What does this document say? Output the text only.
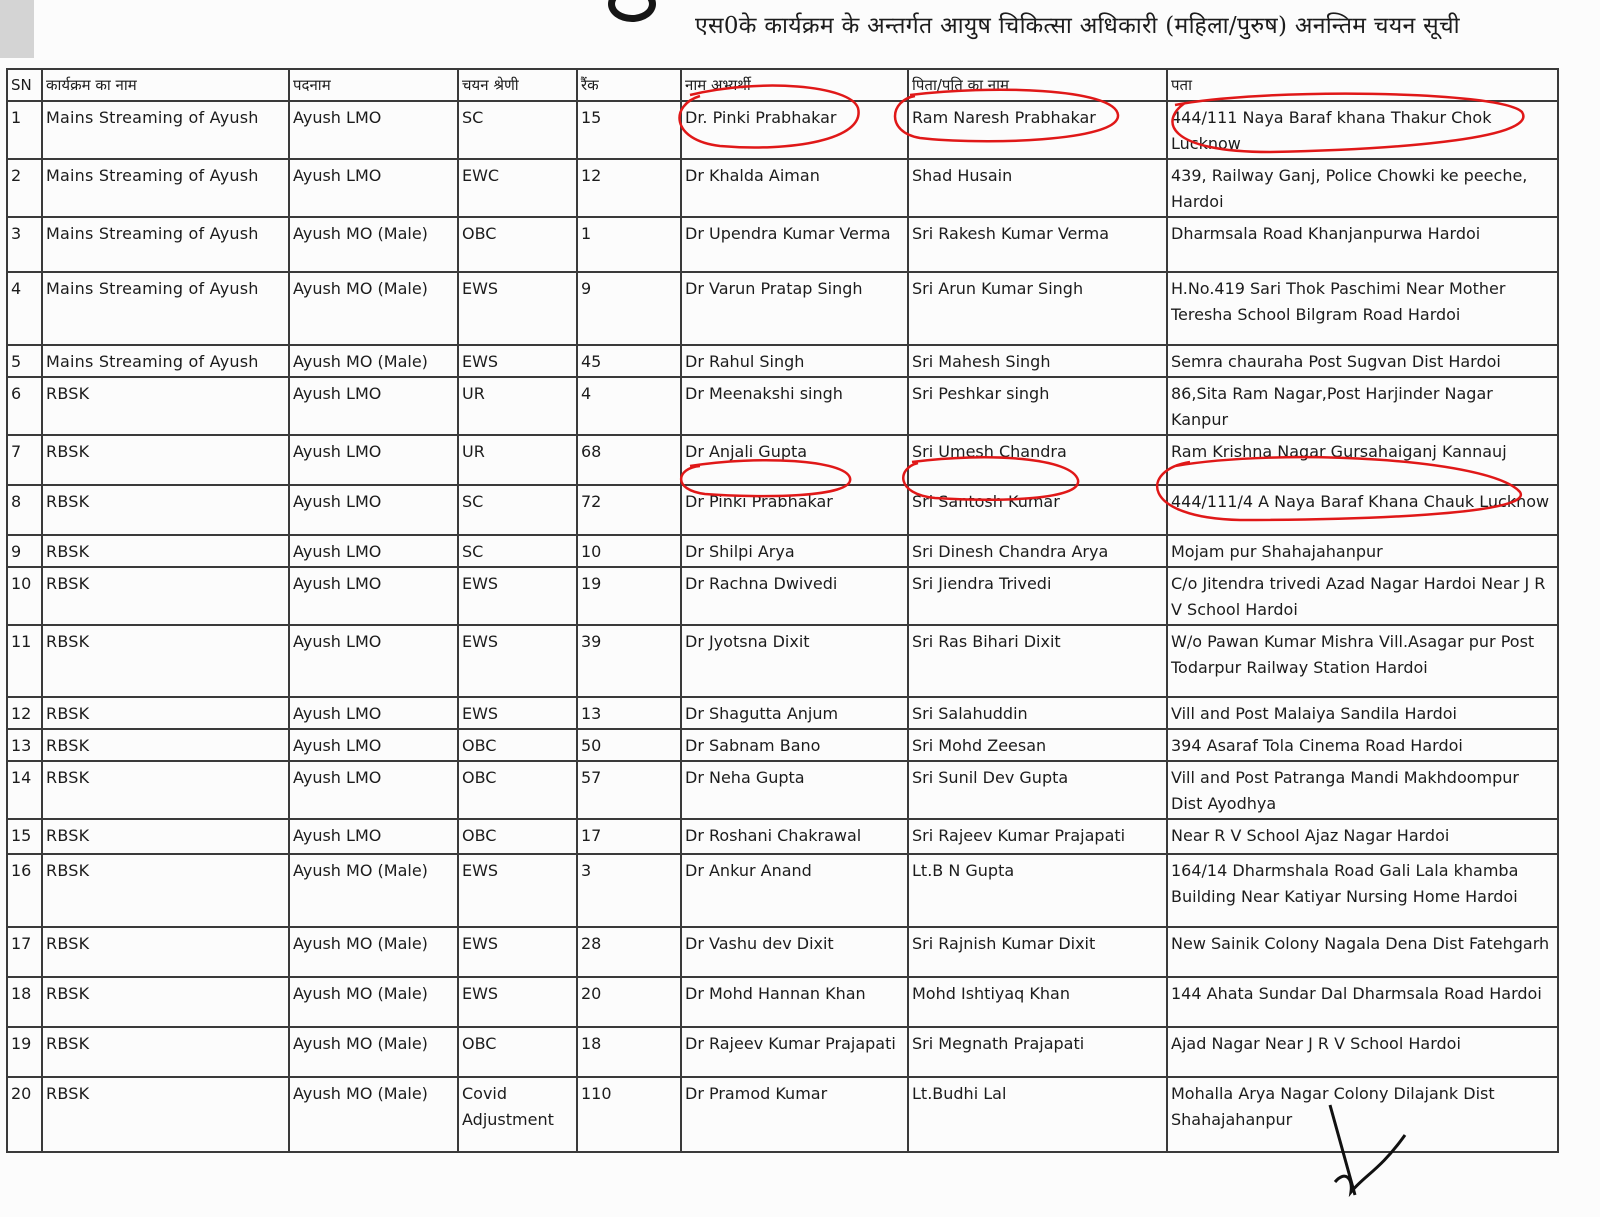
एस0के कार्यक्रम के अन्तर्गत आयुष चिकित्सा अधिकारी (महिला/पुरुष) अनन्तिम चयन सूची
SN	कार्यक्रम का नाम	पदनाम	चयन श्रेणी	रैंक	नाम अभ्यर्थी	पिता/पति का नाम	पता
1	Mains Streaming of Ayush	Ayush LMO	SC	15	Dr. Pinki Prabhakar	Ram Naresh Prabhakar	444/111 Naya Baraf khana Thakur Chok Lucknow
2	Mains Streaming of Ayush	Ayush LMO	EWC	12	Dr Khalda Aiman	Shad Husain	439, Railway Ganj, Police Chowki ke peeche, Hardoi
3	Mains Streaming of Ayush	Ayush MO (Male)	OBC	1	Dr Upendra Kumar Verma	Sri Rakesh Kumar Verma	Dharmsala Road Khanjanpurwa Hardoi
4	Mains Streaming of Ayush	Ayush MO (Male)	EWS	9	Dr Varun Pratap Singh	Sri Arun Kumar Singh	H.No.419 Sari Thok Paschimi Near Mother Teresha School Bilgram Road Hardoi
5	Mains Streaming of Ayush	Ayush MO (Male)	EWS	45	Dr Rahul Singh	Sri Mahesh Singh	Semra chauraha Post Sugvan Dist Hardoi
6	RBSK	Ayush LMO	UR	4	Dr Meenakshi singh	Sri Peshkar singh	86,Sita Ram Nagar,Post Harjinder Nagar Kanpur
7	RBSK	Ayush LMO	UR	68	Dr Anjali Gupta	Sri Umesh Chandra	Ram Krishna Nagar Gursahaiganj Kannauj
8	RBSK	Ayush LMO	SC	72	Dr Pinki Prabhakar	Sri Santosh Kumar	444/111/4 A Naya Baraf Khana Chauk Lucknow
9	RBSK	Ayush LMO	SC	10	Dr Shilpi Arya	Sri Dinesh Chandra Arya	Mojam pur Shahajahanpur
10	RBSK	Ayush LMO	EWS	19	Dr Rachna Dwivedi	Sri Jiendra Trivedi	C/o Jitendra trivedi Azad Nagar Hardoi Near J R V School Hardoi
11	RBSK	Ayush LMO	EWS	39	Dr Jyotsna Dixit	Sri Ras Bihari Dixit	W/o Pawan Kumar Mishra Vill.Asagar pur Post Todarpur Railway Station Hardoi
12	RBSK	Ayush LMO	EWS	13	Dr Shagutta Anjum	Sri Salahuddin	Vill and Post Malaiya Sandila Hardoi
13	RBSK	Ayush LMO	OBC	50	Dr Sabnam Bano	Sri Mohd Zeesan	394 Asaraf Tola Cinema Road Hardoi
14	RBSK	Ayush LMO	OBC	57	Dr Neha Gupta	Sri Sunil Dev Gupta	Vill and Post Patranga Mandi Makhdoompur Dist Ayodhya
15	RBSK	Ayush LMO	OBC	17	Dr Roshani Chakrawal	Sri Rajeev Kumar Prajapati	Near R V School Ajaz Nagar Hardoi
16	RBSK	Ayush MO (Male)	EWS	3	Dr Ankur Anand	Lt.B N Gupta	164/14 Dharmshala Road Gali Lala khamba Building Near Katiyar Nursing Home Hardoi
17	RBSK	Ayush MO (Male)	EWS	28	Dr Vashu dev Dixit	Sri Rajnish Kumar Dixit	New Sainik Colony Nagala Dena Dist Fatehgarh
18	RBSK	Ayush MO (Male)	EWS	20	Dr Mohd Hannan Khan	Mohd Ishtiyaq Khan	144 Ahata Sundar Dal Dharmsala Road Hardoi
19	RBSK	Ayush MO (Male)	OBC	18	Dr Rajeev Kumar Prajapati	Sri Megnath Prajapati	Ajad Nagar Near J R V School Hardoi
20	RBSK	Ayush MO (Male)	Covid Adjustment	110	Dr Pramod Kumar	Lt.Budhi Lal	Mohalla Arya Nagar Colony Dilajank Dist Shahajahanpur
